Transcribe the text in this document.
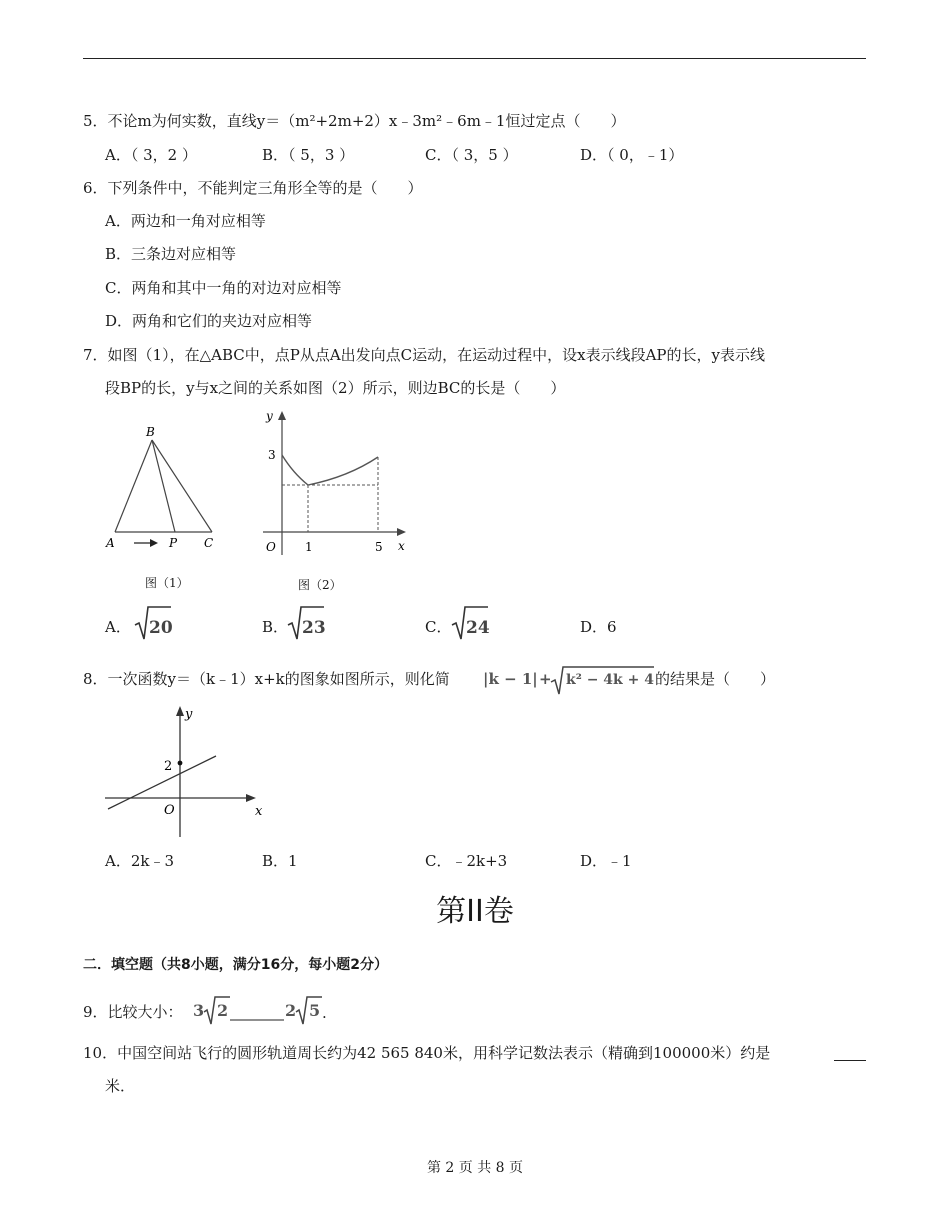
5．不论m为何实数，直线y＝（m²+2m+2）x﹣3m²﹣6m﹣1恒过定点（　　）
A．（ 3，2 ）	B．（ 5，3 ）	C．（ 3，5 ）	D．（ 0，﹣1）
6．下列条件中，不能判定三角形全等的是（　　）
A．两边和一角对应相等
B．三条边对应相等
C．两角和其中一角的对边对应相等
D．两角和它们的夹边对应相等
7．如图（1），在△ABC中，点P从点A出发向点C运动，在运动过程中，设x表示线段AP的长，y表示线
段BP的长，y与x之间的关系如图（2）所示，则边BC的长是（　　）
B
A	P C
图（1）
y
x
O
3
1	5
图（2）
A． 20	B． 23	C． 24	D．6
8．一次函数y＝（k﹣1）x+k的图象如图所示，则化简 |k − 1| + k² − 4k + 4 的结果是（　　）
y
x
O
2
A．2k﹣3	B．1	C．﹣2k+3	D．﹣1
第II卷
二．填空题（共8小题，满分16分，每小题2分）
9．比较大小： 3 2	2 5 .
10．中国空间站飞行的圆形轨道周长约为42 565 840米，用科学记数法表示（精确到100000米）约是
米．
第 2 页 共 8 页
